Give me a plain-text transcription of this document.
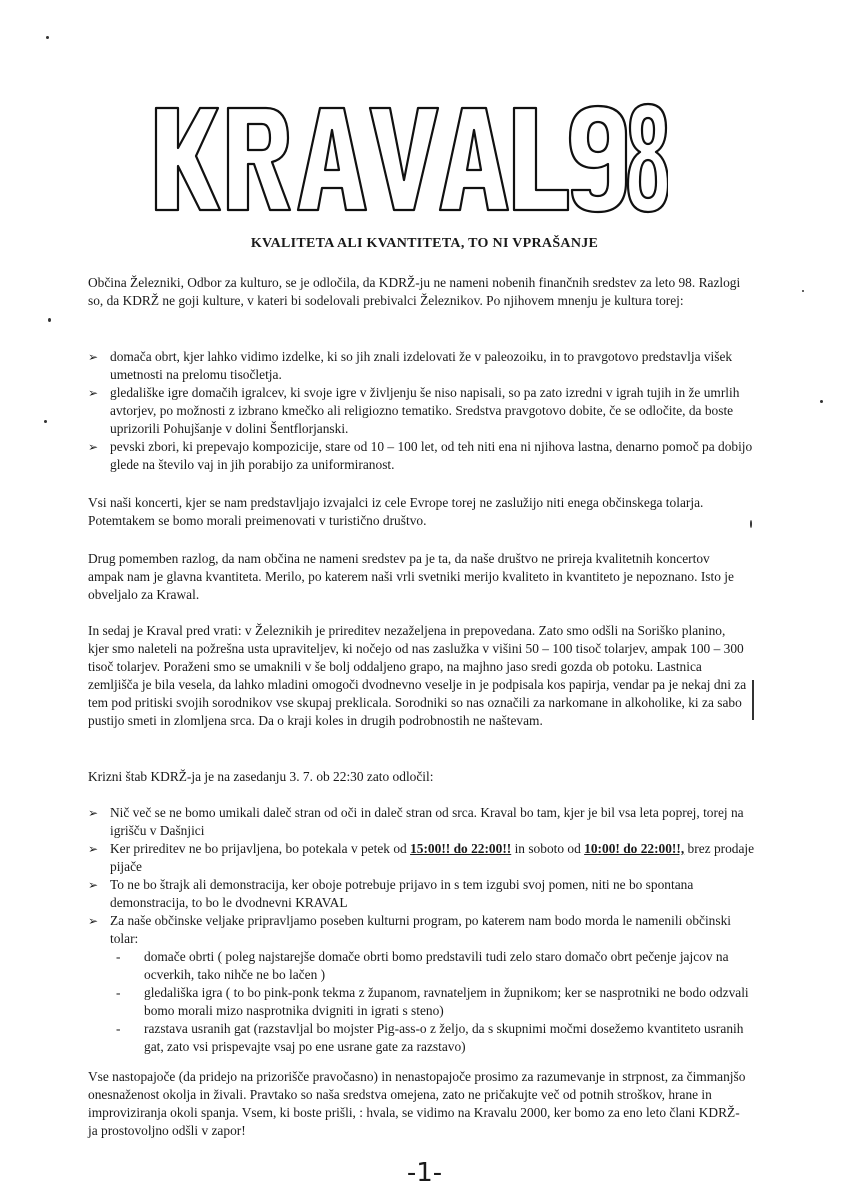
KRAVAL98
KVALITETA ALI KVANTITETA, TO NI VPRAŠANJE

Občina Železniki, Odbor za kulturo, se je odločila, da KDRŽ-ju ne nameni nobenih finančnih sredstev za leto 98. Razlogi so, da KDRŽ ne goji kulture, v kateri bi sodelovali prebivalci Železnikov. Po njihovem mnenju je kultura torej:

➢ domača obrt, kjer lahko vidimo izdelke, ki so jih znali izdelovati že v paleozoiku, in to pravgotovo predstavlja višek umetnosti na prelomu tisočletja.
➢ gledališke igre domačih igralcev, ki svoje igre v življenju še niso napisali, so pa zato izredni v igrah tujih in že umrlih avtorjev, po možnosti z izbrano kmečko ali religiozno tematiko. Sredstva pravgotovo dobite, če se odločite, da boste uprizorili Pohujšanje v dolini Šentflorjanski.
➢ pevski zbori, ki prepevajo kompozicije, stare od 10 – 100 let, od teh niti ena ni njihova lastna, denarno pomoč pa dobijo glede na število vaj in jih porabijo za uniformiranost.

Vsi naši koncerti, kjer se nam predstavljajo izvajalci iz cele Evrope torej ne zaslužijo niti enega občinskega tolarja. Potemtakem se bomo morali preimenovati v turistično društvo.

Drug pomemben razlog, da nam občina ne nameni sredstev pa je ta, da naše društvo ne prireja kvalitetnih koncertov ampak nam je glavna kvantiteta. Merilo, po katerem naši vrli svetniki merijo kvaliteto in kvantiteto je nepoznano. Isto je obveljalo za Krawal.

In sedaj je Kraval pred vrati: v Železnikih je prireditev nezaželjena in prepovedana. Zato smo odšli na Soriško planino, kjer smo naleteli na požrešna usta upraviteljev, ki nočejo od nas zaslužka v višini 50 – 100 tisoč tolarjev, ampak 100 – 300 tisoč tolarjev. Poraženi smo se umaknili v še bolj oddaljeno grapo, na majhno jaso sredi gozda ob potoku. Lastnica zemljišča je bila vesela, da lahko mladini omogoči dvodnevno veselje in je podpisala kos papirja, vendar pa je nekaj dni za tem pod pritiski svojih sorodnikov vse skupaj preklicala. Sorodniki so nas označili za narkomane in alkoholike, ki za sabo pustijo smeti in zlomljena srca. Da o kraji koles in drugih podrobnostih ne naštevam.

Krizni štab KDRŽ-ja je na zasedanju 3. 7. ob 22:30 zato odločil:

➢ Nič več se ne bomo umikali daleč stran od oči in daleč stran od srca. Kraval bo tam, kjer je bil vsa leta poprej, torej na igrišču v Dašnjici
➢ Ker prireditev ne bo prijavljena, bo potekala v petek od 15:00!! do 22:00!! in soboto od 10:00! do 22:00!!, brez prodaje pijače
➢ To ne bo štrajk ali demonstracija, ker oboje potrebuje prijavo in s tem izgubi svoj pomen, niti ne bo spontana demonstracija, to bo le dvodnevni KRAVAL
➢ Za naše občinske veljake pripravljamo poseben kulturni program, po katerem nam bodo morda le namenili občinski tolar:
- domače obrti ( poleg najstarejše domače obrti bomo predstavili tudi zelo staro domačo obrt pečenje jajcov na ocverkih, tako nihče ne bo lačen )
- gledališka igra ( to bo pink-ponk tekma z županom, ravnateljem in župnikom; ker se nasprotniki ne bodo odzvali bomo morali mizo nasprotnika dvigniti in igrati s steno)
- razstava usranih gat (razstavljal bo mojster Pig-ass-o z željo, da s skupnimi močmi dosežemo kvantiteto usranih gat, zato vsi prispevajte vsaj po ene usrane gate za razstavo)

Vse nastopajoče (da pridejo na prizorišče pravočasno) in nenastopajoče prosimo za razumevanje in strpnost, za čimmanjšo onesnaženost okolja in živali. Pravtako so naša sredstva omejena, zato ne pričakujte več od potnih stroškov, hrane in improviziranja okoli spanja. Vsem, ki boste prišli, : hvala, se vidimo na Kravalu 2000, ker bomo za eno leto člani KDRŽ-ja prostovoljno odšli v zapor!

-1-
